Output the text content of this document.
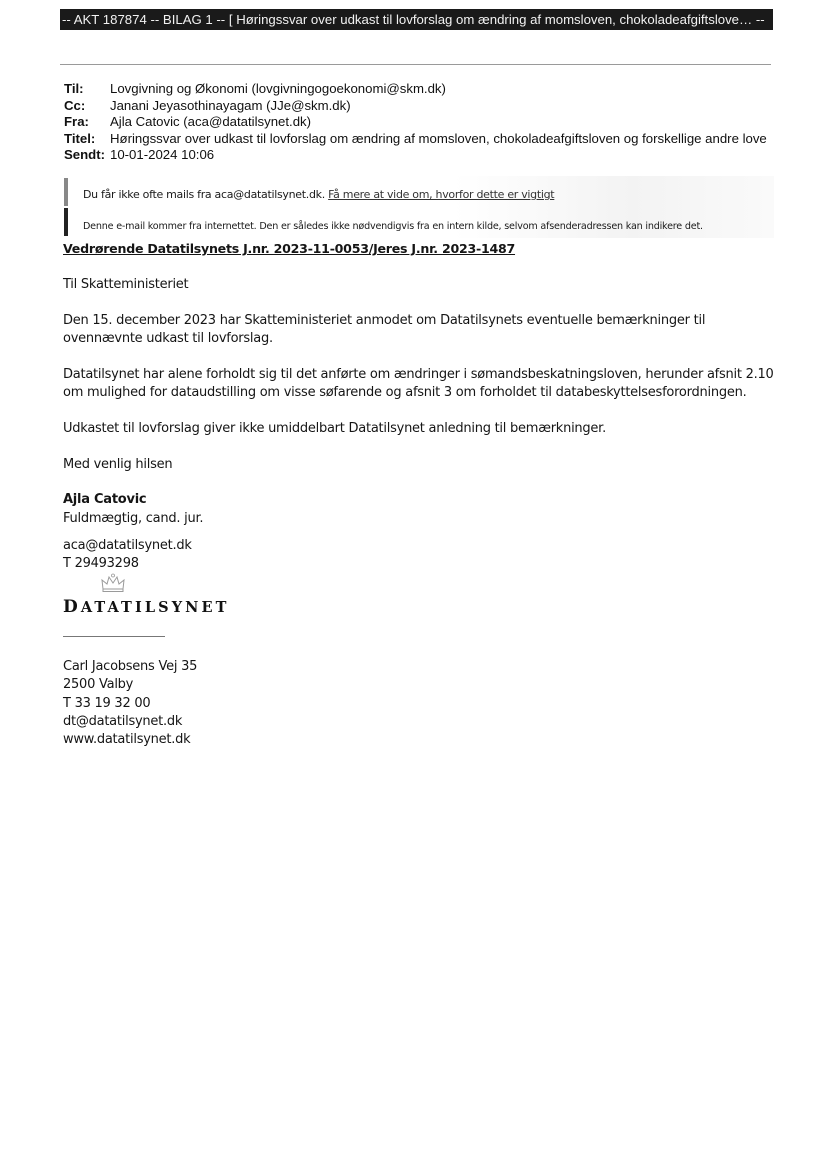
-- AKT 187874 -- BILAG 1 -- [ Høringssvar over udkast til lovforslag om ændring af momsloven, chokoladeafgiftslove… --
Til:	Lovgivning og Økonomi (lovgivningogoekonomi@skm.dk)
Cc:	Janani Jeyasothinayagam (JJe@skm.dk)
Fra:	Ajla Catovic (aca@datatilsynet.dk)
Titel:	Høringssvar over udkast til lovforslag om ændring af momsloven, chokoladeafgiftsloven og forskellige andre love
Sendt: 10-01-2024 10:06
Du får ikke ofte mails fra aca@datatilsynet.dk. Få mere at vide om, hvorfor dette er vigtigt
Denne e-mail kommer fra internettet. Den er således ikke nødvendigvis fra en intern kilde, selvom afsenderadressen kan indikere det.

Vedrørende Datatilsynets J.nr. 2023-11-0053/Jeres J.nr. 2023-1487

Til Skatteministeriet

Den 15. december 2023 har Skatteministeriet anmodet om Datatilsynets eventuelle bemærkninger til ovennævnte udkast til lovforslag.

Datatilsynet har alene forholdt sig til det anførte om ændringer i sømandsbeskatningsloven, herunder afsnit 2.10 om mulighed for dataudstilling om visse søfarende og afsnit 3 om forholdet til databeskyttelsesforordningen.

Udkastet til lovforslag giver ikke umiddelbart Datatilsynet anledning til bemærkninger.

Med venlig hilsen

Ajla Catovic
Fuldmægtig, cand. jur.
aca@datatilsynet.dk
T 29493298
DATATILSYNET
Carl Jacobsens Vej 35
2500 Valby
T 33 19 32 00
dt@datatilsynet.dk
www.datatilsynet.dk
